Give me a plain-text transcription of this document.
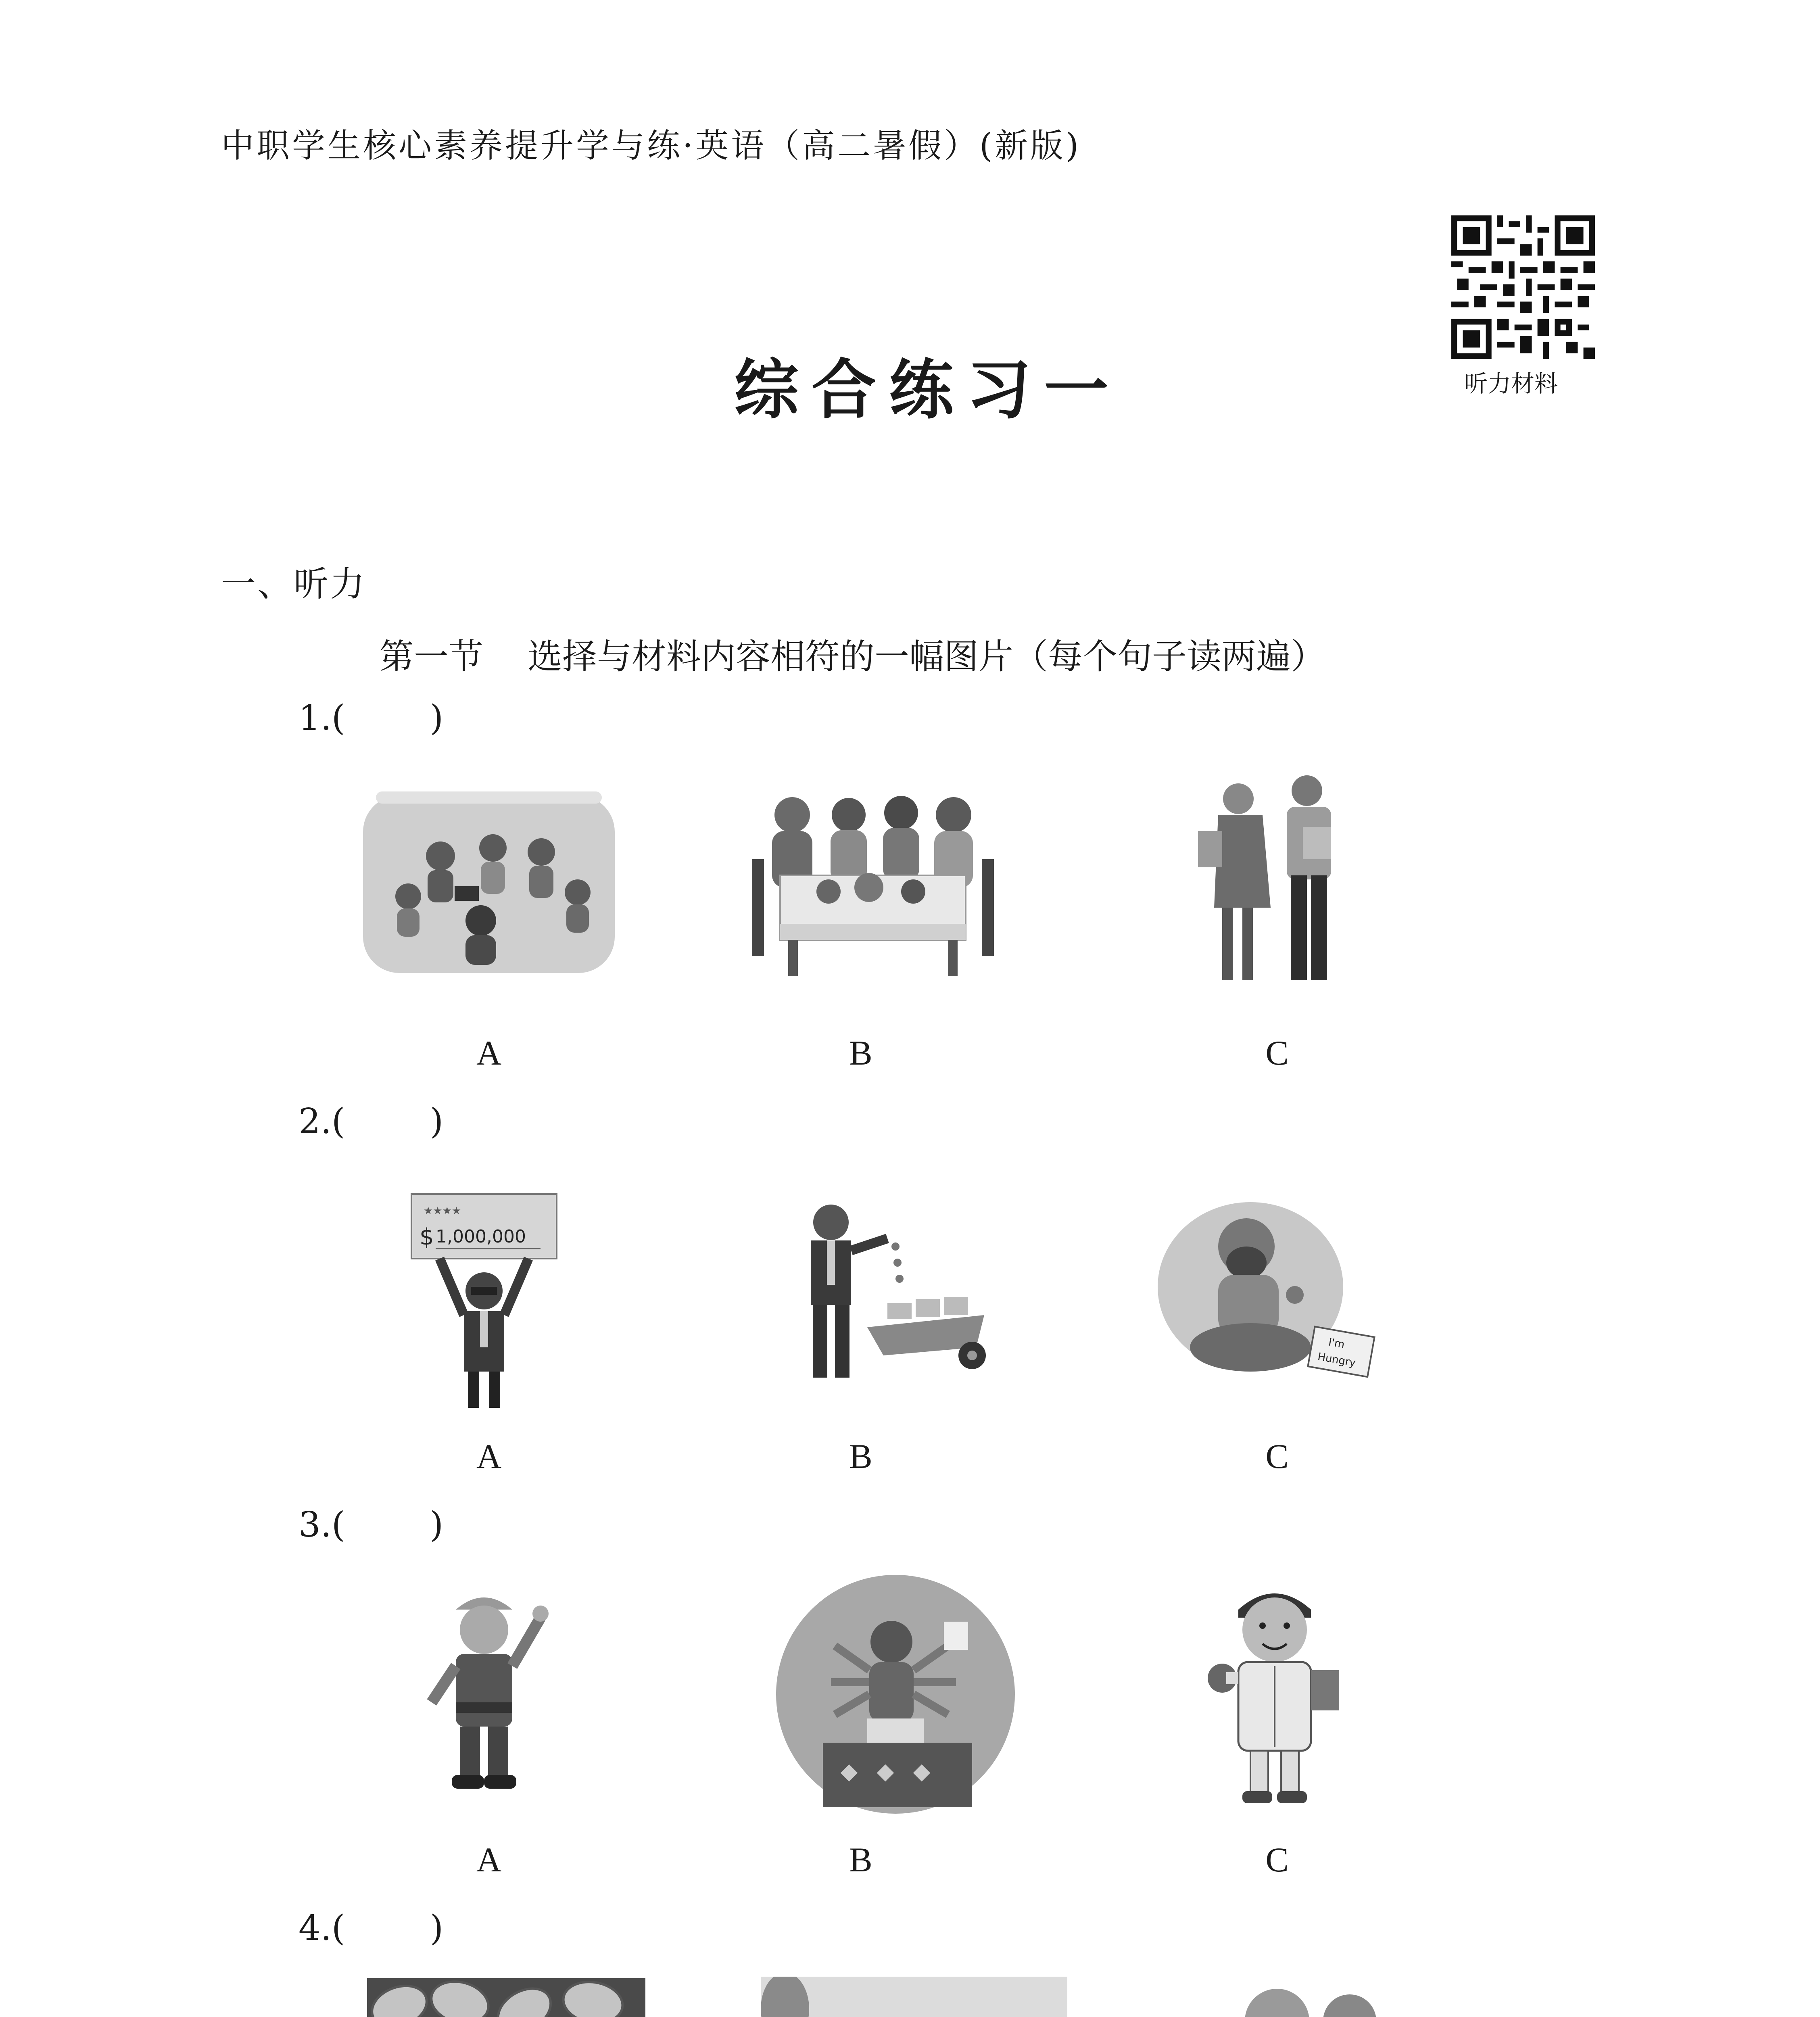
中职学生核心素养提升学与练·英语（高二暑假）(新版)
听力材料
综合练习一
一、听力
第一节 选择与材料内容相符的一幅图片（每个句子读两遍）
1.( )
A	B	C
2.( )
★★★★
$ 1,000,000
A	B
I'm
Hungry
C
3.( )
A	B	C
4.( )
